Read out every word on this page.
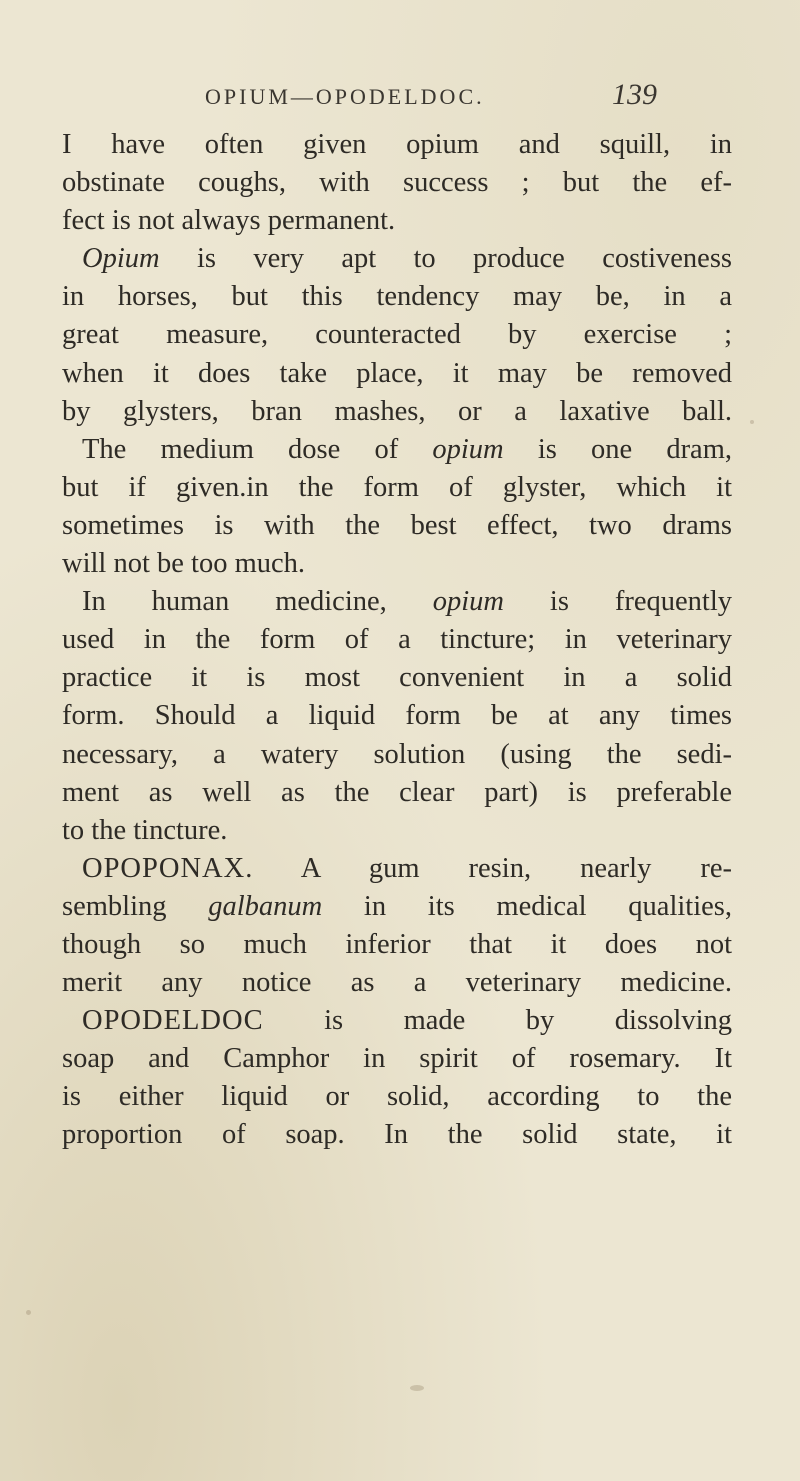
OPIUM—OPODELDOC.	139
I have often given opium and squill, in
obstinate coughs, with success ; but the ef-
fect is not always permanent.
Opium is very apt to produce costiveness
in horses, but this tendency may be, in a
great measure, counteracted by exercise ;
when it does take place, it may be removed
by glysters, bran mashes, or a laxative ball.
The medium dose of opium is one dram,
but if given.in the form of glyster, which it
sometimes is with the best effect, two drams
will not be too much.
In human medicine, opium is frequently
used in the form of a tincture; in veterinary
practice it is most convenient in a solid
form. Should a liquid form be at any times
necessary, a watery solution (using the sedi-
ment as well as the clear part) is preferable
to the tincture.
OPOPONAX. A gum resin, nearly re-
sembling galbanum in its medical qualities,
though so much inferior that it does not
merit any notice as a veterinary medicine.
OPODELDOC is made by dissolving
soap and Camphor in spirit of rosemary. It
is either liquid or solid, according to the
proportion of soap. In the solid state, it
